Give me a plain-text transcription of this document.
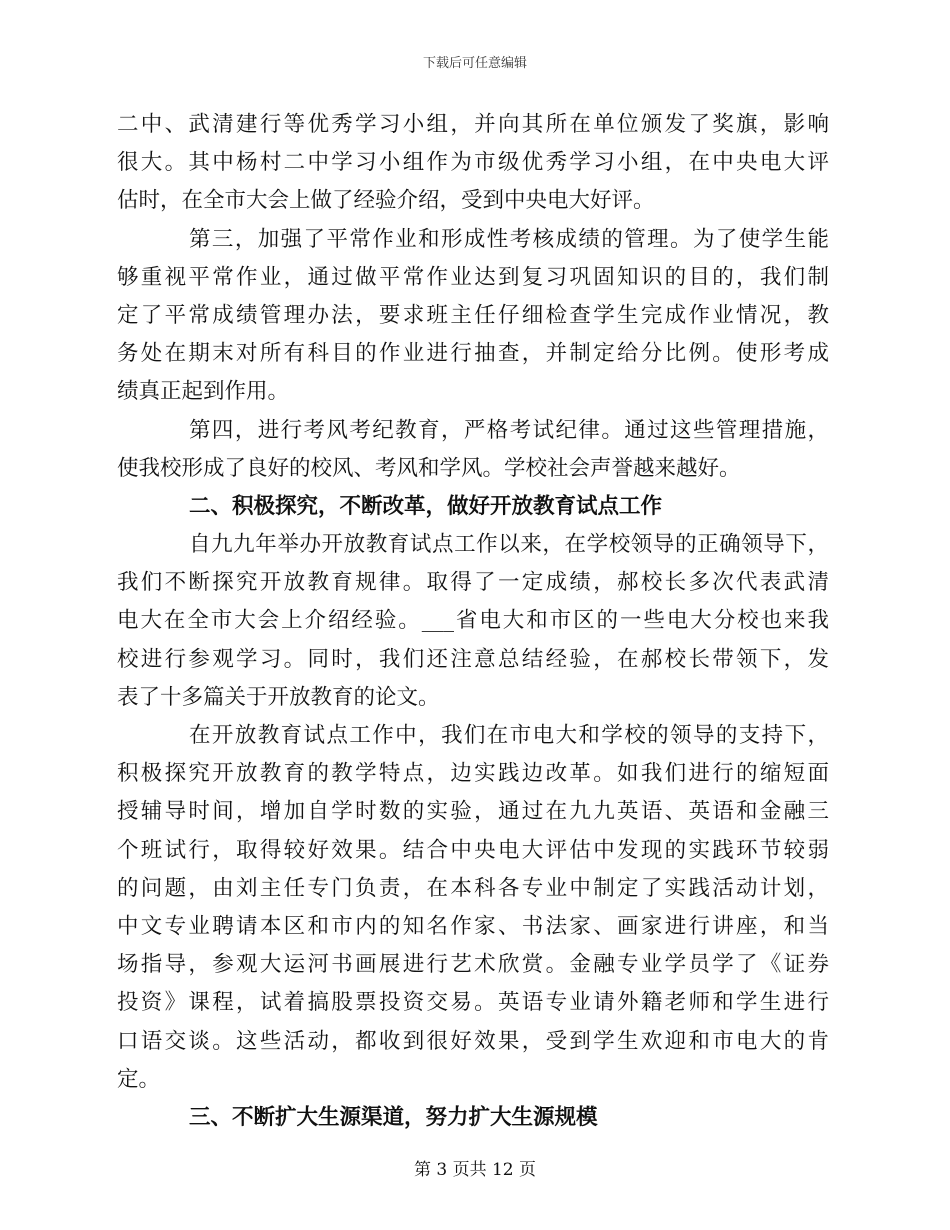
下载后可任意编辑
二中、武清建行等优秀学习小组，并向其所在单位颁发了奖旗，影响
很大。其中杨村二中学习小组作为市级优秀学习小组，在中央电大评
估时，在全市大会上做了经验介绍，受到中央电大好评。
第三，加强了平常作业和形成性考核成绩的管理。为了使学生能
够重视平常作业，通过做平常作业达到复习巩固知识的目的，我们制
定了平常成绩管理办法，要求班主任仔细检查学生完成作业情况，教
务处在期末对所有科目的作业进行抽查，并制定给分比例。使形考成
绩真正起到作用。
第四，进行考风考纪教育，严格考试纪律。通过这些管理措施，
使我校形成了良好的校风、考风和学风。学校社会声誉越来越好。
二、积极探究，不断改革，做好开放教育试点工作
自九九年举办开放教育试点工作以来，在学校领导的正确领导下，
我们不断探究开放教育规律。取得了一定成绩，郝校长多次代表武清
电大在全市大会上介绍经验。___省电大和市区的一些电大分校也来我
校进行参观学习。同时，我们还注意总结经验，在郝校长带领下，发
表了十多篇关于开放教育的论文。
在开放教育试点工作中，我们在市电大和学校的领导的支持下，
积极探究开放教育的教学特点，边实践边改革。如我们进行的缩短面
授辅导时间，增加自学时数的实验，通过在九九英语、英语和金融三
个班试行，取得较好效果。结合中央电大评估中发现的实践环节较弱
的问题，由刘主任专门负责，在本科各专业中制定了实践活动计划，
中文专业聘请本区和市内的知名作家、书法家、画家进行讲座，和当
场指导，参观大运河书画展进行艺术欣赏。金融专业学员学了《证券
投资》课程，试着搞股票投资交易。英语专业请外籍老师和学生进行
口语交谈。这些活动，都收到很好效果，受到学生欢迎和市电大的肯
定。
三、不断扩大生源渠道，努力扩大生源规模
第 3 页共 12 页
